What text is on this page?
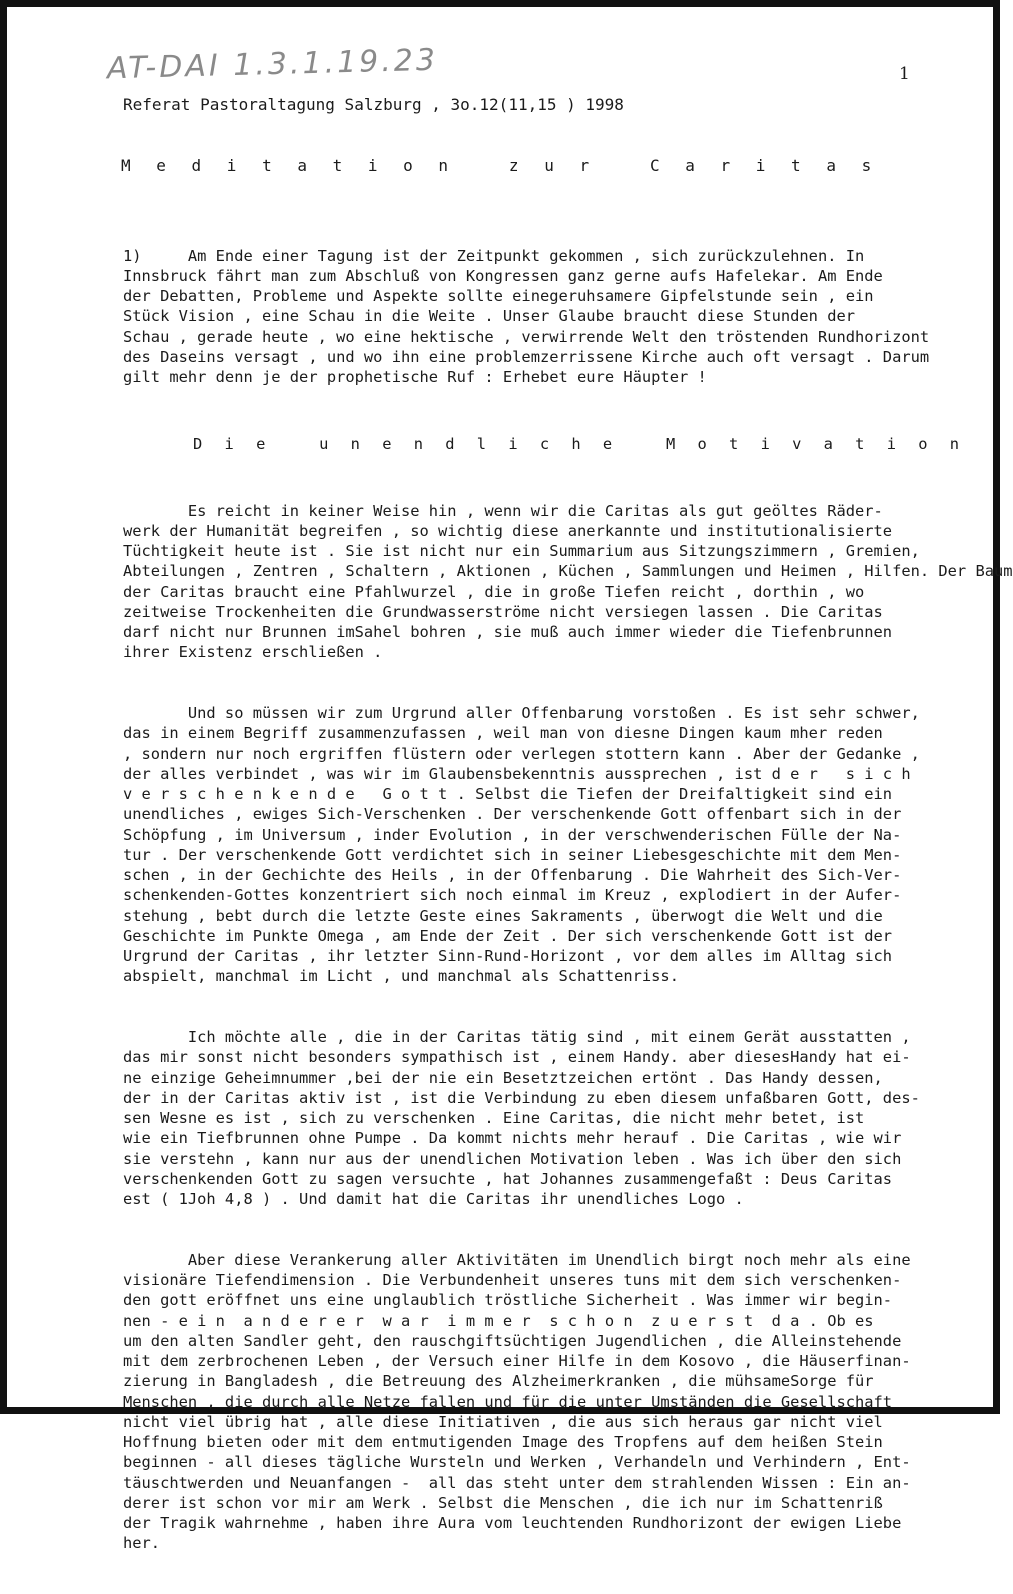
AT-DAI 1.3.1.19.23	1
Referat Pastoraltagung Salzburg , 3o.12(11,15 ) 1998
M e d i t a t i o n   z u r   C a r i t a s

1)     Am Ende einer Tagung ist der Zeitpunkt gekommen , sich zurückzulehnen. In
Innsbruck fährt man zum Abschluß von Kongressen ganz gerne aufs Hafelekar. Am Ende
der Debatten, Probleme und Aspekte sollte einegeruhsamere Gipfelstunde sein , ein
Stück Vision , eine Schau in die Weite . Unser Glaube braucht diese Stunden der
Schau , gerade heute , wo eine hektische , verwirrende Welt den tröstenden Rundhorizont
des Daseins versagt , und wo ihn eine problemzerrissene Kirche auch oft versagt . Darum
gilt mehr denn je der prophetische Ruf : Erhebet eure Häupter !

D i e   u n e n d l i c h e   M o t i v a t i o n

Es reicht in keiner Weise hin , wenn wir die Caritas als gut geöltes Räder-
werk der Humanität begreifen , so wichtig diese anerkannte und institutionalisierte
Tüchtigkeit heute ist . Sie ist nicht nur ein Summarium aus Sitzungszimmern , Gremien,
Abteilungen , Zentren , Schaltern , Aktionen , Küchen , Sammlungen und Heimen , Hilfen. Der Baum
der Caritas braucht eine Pfahlwurzel , die in große Tiefen reicht , dorthin , wo
zeitweise Trockenheiten die Grundwasserströme nicht versiegen lassen . Die Caritas
darf nicht nur Brunnen imSahel bohren , sie muß auch immer wieder die Tiefenbrunnen
ihrer Existenz erschließen .

Und so müssen wir zum Urgrund aller Offenbarung vorstoßen . Es ist sehr schwer,
das in einem Begriff zusammenzufassen , weil man von diesne Dingen kaum mher reden
, sondern nur noch ergriffen flüstern oder verlegen stottern kann . Aber der Gedanke ,
der alles verbindet , was wir im Glaubensbekenntnis aussprechen , ist d e r   s i c h
v e r s c h e n k e n d e   G o t t . Selbst die Tiefen der Dreifaltigkeit sind ein
unendliches , ewiges Sich-Verschenken . Der verschenkende Gott offenbart sich in der
Schöpfung , im Universum , inder Evolution , in der verschwenderischen Fülle der Na-
tur . Der verschenkende Gott verdichtet sich in seiner Liebesgeschichte mit dem Men-
schen , in der Gechichte des Heils , in der Offenbarung . Die Wahrheit des Sich-Ver-
schenkenden-Gottes konzentriert sich noch einmal im Kreuz , explodiert in der Aufer-
stehung , bebt durch die letzte Geste eines Sakraments , überwogt die Welt und die
Geschichte im Punkte Omega , am Ende der Zeit . Der sich verschenkende Gott ist der
Urgrund der Caritas , ihr letzter Sinn-Rund-Horizont , vor dem alles im Alltag sich
abspielt, manchmal im Licht , und manchmal als Schattenriss.

Ich möchte alle , die in der Caritas tätig sind , mit einem Gerät ausstatten ,
das mir sonst nicht besonders sympathisch ist , einem Handy. aber diesesHandy hat ei-
ne einzige Geheimnummer ,bei der nie ein Besetztzeichen ertönt . Das Handy dessen,
der in der Caritas aktiv ist , ist die Verbindung zu eben diesem unfaßbaren Gott, des-
sen Wesne es ist , sich zu verschenken . Eine Caritas, die nicht mehr betet, ist
wie ein Tiefbrunnen ohne Pumpe . Da kommt nichts mehr herauf . Die Caritas , wie wir
sie verstehn , kann nur aus der unendlichen Motivation leben . Was ich über den sich
verschenkenden Gott zu sagen versuchte , hat Johannes zusammengefaßt : Deus Caritas
est ( 1Joh 4,8 ) . Und damit hat die Caritas ihr unendliches Logo .

Aber diese Verankerung aller Aktivitäten im Unendlich birgt noch mehr als eine
visionäre Tiefendimension . Die Verbundenheit unseres tuns mit dem sich verschenken-
den gott eröffnet uns eine unglaublich tröstliche Sicherheit . Was immer wir begin-
nen - e i n  a n d e r e r  w a r  i m m e r  s c h o n  z u e r s t  d a . Ob es
um den alten Sandler geht, den rauschgiftsüchtigen Jugendlichen , die Alleinstehende
mit dem zerbrochenen Leben , der Versuch einer Hilfe in dem Kosovo , die Häuserfinan-
zierung in Bangladesh , die Betreuung des Alzheimerkranken , die mühsameSorge für
Menschen , die durch alle Netze fallen und für die unter Umständen die Gesellschaft
nicht viel übrig hat , alle diese Initiativen , die aus sich heraus gar nicht viel
Hoffnung bieten oder mit dem entmutigenden Image des Tropfens auf dem heißen Stein
beginnen - all dieses tägliche Wursteln und Werken , Verhandeln und Verhindern , Ent-
täuschtwerden und Neuanfangen -  all das steht unter dem strahlenden Wissen : Ein an-
derer ist schon vor mir am Werk . Selbst die Menschen , die ich nur im Schattenriß
der Tragik wahrnehme , haben ihre Aura vom leuchtenden Rundhorizont der ewigen Liebe
her.
